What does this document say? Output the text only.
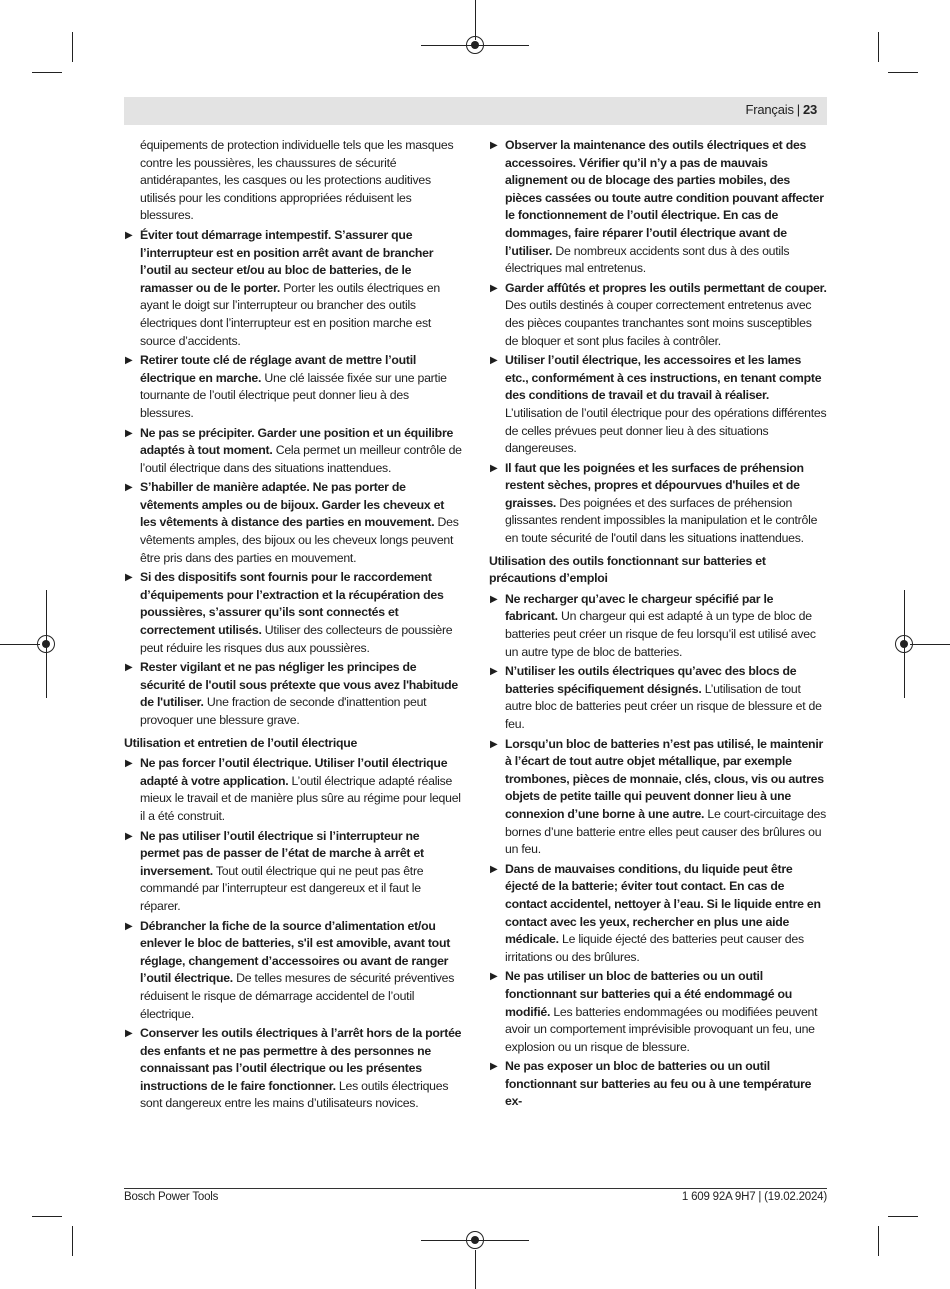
Français | 23
équipements de protection individuelle tels que les masques contre les poussières, les chaussures de sécurité antidérapantes, les casques ou les protections auditives utilisés pour les conditions appropriées réduisent les blessures.
▶ Éviter tout démarrage intempestif. S’assurer que l’interrupteur est en position arrêt avant de brancher l’outil au secteur et/ou au bloc de batteries, de le ramasser ou de le porter. Porter les outils électriques en ayant le doigt sur l’interrupteur ou brancher des outils électriques dont l’interrupteur est en position marche est source d’accidents.
▶ Retirer toute clé de réglage avant de mettre l’outil électrique en marche. Une clé laissée fixée sur une partie tournante de l’outil électrique peut donner lieu à des blessures.
▶ Ne pas se précipiter. Garder une position et un équilibre adaptés à tout moment. Cela permet un meilleur contrôle de l’outil électrique dans des situations inattendues.
▶ S’habiller de manière adaptée. Ne pas porter de vêtements amples ou de bijoux. Garder les cheveux et les vêtements à distance des parties en mouvement. Des vêtements amples, des bijoux ou les cheveux longs peuvent être pris dans des parties en mouvement.
▶ Si des dispositifs sont fournis pour le raccordement d’équipements pour l’extraction et la récupération des poussières, s’assurer qu’ils sont connectés et correctement utilisés. Utiliser des collecteurs de poussière peut réduire les risques dus aux poussières.
▶ Rester vigilant et ne pas négliger les principes de sécurité de l'outil sous prétexte que vous avez l'habitude de l'utiliser. Une fraction de seconde d'inattention peut provoquer une blessure grave.
Utilisation et entretien de l’outil électrique
▶ Ne pas forcer l’outil électrique. Utiliser l’outil électrique adapté à votre application. L’outil électrique adapté réalise mieux le travail et de manière plus sûre au régime pour lequel il a été construit.
▶ Ne pas utiliser l’outil électrique si l’interrupteur ne permet pas de passer de l’état de marche à arrêt et inversement. Tout outil électrique qui ne peut pas être commandé par l’interrupteur est dangereux et il faut le réparer.
▶ Débrancher la fiche de la source d’alimentation et/ou enlever le bloc de batteries, s'il est amovible, avant tout réglage, changement d’accessoires ou avant de ranger l’outil électrique. De telles mesures de sécurité préventives réduisent le risque de démarrage accidentel de l’outil électrique.
▶ Conserver les outils électriques à l’arrêt hors de la portée des enfants et ne pas permettre à des personnes ne connaissant pas l’outil électrique ou les présentes instructions de le faire fonctionner. Les outils électriques sont dangereux entre les mains d’utilisateurs novices.
▶ Observer la maintenance des outils électriques et des accessoires. Vérifier qu’il n’y a pas de mauvais alignement ou de blocage des parties mobiles, des pièces cassées ou toute autre condition pouvant affecter le fonctionnement de l’outil électrique. En cas de dommages, faire réparer l’outil électrique avant de l’utiliser. De nombreux accidents sont dus à des outils électriques mal entretenus.
▶ Garder affûtés et propres les outils permettant de couper. Des outils destinés à couper correctement entretenus avec des pièces coupantes tranchantes sont moins susceptibles de bloquer et sont plus faciles à contrôler.
▶ Utiliser l’outil électrique, les accessoires et les lames etc., conformément à ces instructions, en tenant compte des conditions de travail et du travail à réaliser. L’utilisation de l’outil électrique pour des opérations différentes de celles prévues peut donner lieu à des situations dangereuses.
▶ Il faut que les poignées et les surfaces de préhension restent sèches, propres et dépourvues d'huiles et de graisses. Des poignées et des surfaces de préhension glissantes rendent impossibles la manipulation et le contrôle en toute sécurité de l'outil dans les situations inattendues.
Utilisation des outils fonctionnant sur batteries et précautions d’emploi
▶ Ne recharger qu’avec le chargeur spécifié par le fabricant. Un chargeur qui est adapté à un type de bloc de batteries peut créer un risque de feu lorsqu’il est utilisé avec un autre type de bloc de batteries.
▶ N’utiliser les outils électriques qu’avec des blocs de batteries spécifiquement désignés. L’utilisation de tout autre bloc de batteries peut créer un risque de blessure et de feu.
▶ Lorsqu’un bloc de batteries n’est pas utilisé, le maintenir à l’écart de tout autre objet métallique, par exemple trombones, pièces de monnaie, clés, clous, vis ou autres objets de petite taille qui peuvent donner lieu à une connexion d’une borne à une autre. Le court-circuitage des bornes d’une batterie entre elles peut causer des brûlures ou un feu.
▶ Dans de mauvaises conditions, du liquide peut être éjecté de la batterie; éviter tout contact. En cas de contact accidentel, nettoyer à l’eau. Si le liquide entre en contact avec les yeux, rechercher en plus une aide médicale. Le liquide éjecté des batteries peut causer des irritations ou des brûlures.
▶ Ne pas utiliser un bloc de batteries ou un outil fonctionnant sur batteries qui a été endommagé ou modifié. Les batteries endommagées ou modifiées peuvent avoir un comportement imprévisible provoquant un feu, une explosion ou un risque de blessure.
▶ Ne pas exposer un bloc de batteries ou un outil fonctionnant sur batteries au feu ou à une température ex-
Bosch Power Tools	1 609 92A 9H7 | (19.02.2024)
